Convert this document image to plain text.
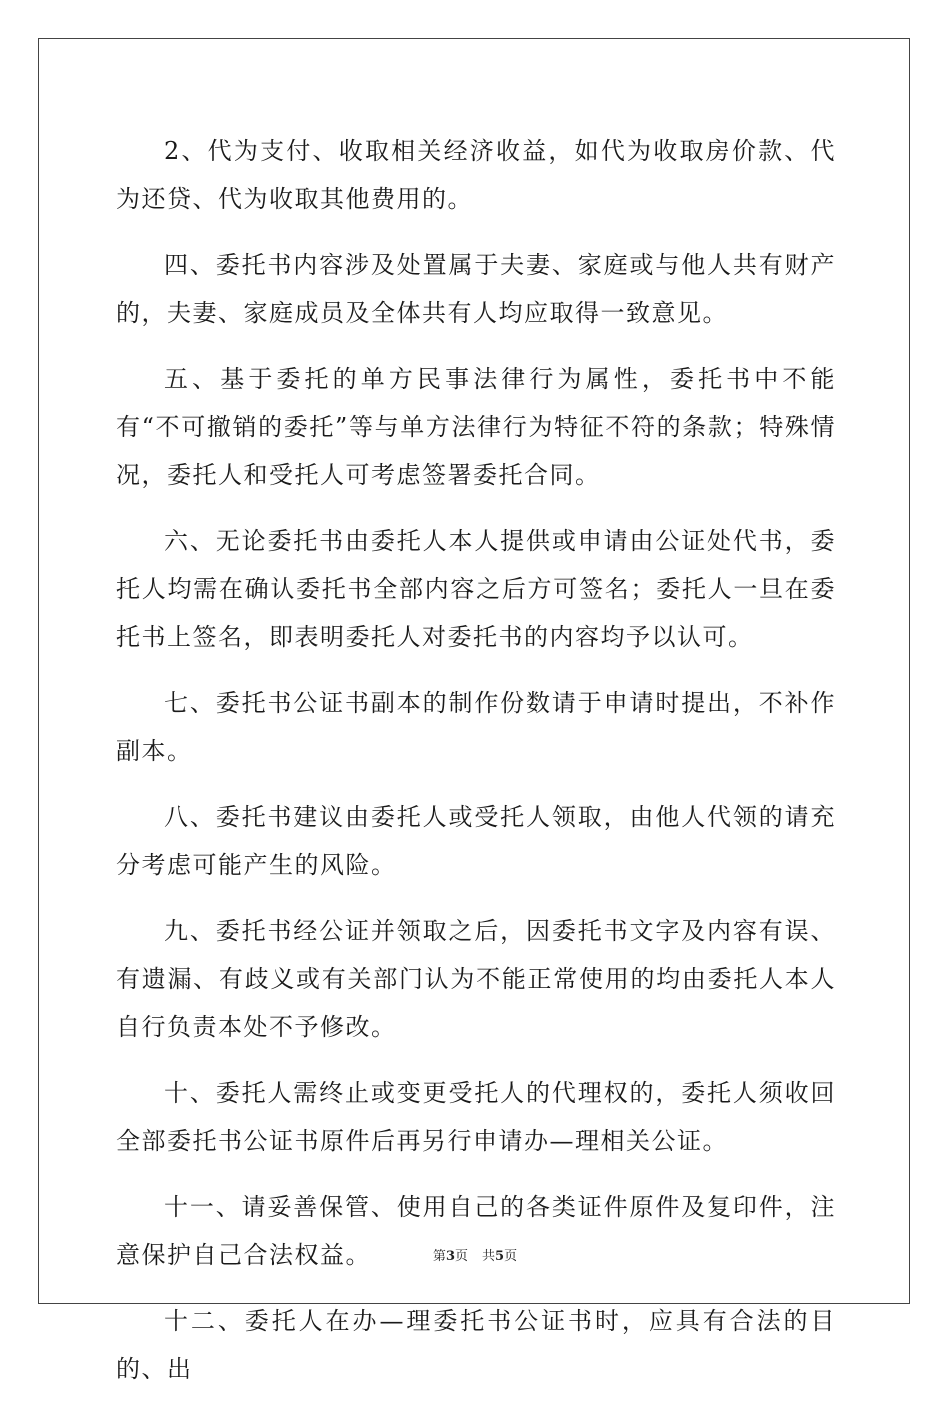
2、代为支付、收取相关经济收益，如代为收取房价款、代为还贷、代为收取其他费用的。

四、委托书内容涉及处置属于夫妻、家庭或与他人共有财产的，夫妻、家庭成员及全体共有人均应取得一致意见。

五、基于委托的单方民事法律行为属性，委托书中不能有“不可撤销的委托”等与单方法律行为特征不符的条款；特殊情况，委托人和受托人可考虑签署委托合同。

六、无论委托书由委托人本人提供或申请由公证处代书，委托人均需在确认委托书全部内容之后方可签名；委托人一旦在委托书上签名，即表明委托人对委托书的内容均予以认可。

七、委托书公证书副本的制作份数请于申请时提出，不补作副本。

八、委托书建议由委托人或受托人领取，由他人代领的请充分考虑可能产生的风险。

九、委托书经公证并领取之后，因委托书文字及内容有误、有遗漏、有歧义或有关部门认为不能正常使用的均由委托人本人自行负责本处不予修改。

十、委托人需终止或变更受托人的代理权的，委托人须收回全部委托书公证书原件后再另行申请办—理相关公证。

十一、请妥善保管、使用自己的各类证件原件及复印件，注意保护自己合法权益。

十二、委托人在办—理委托书公证书时，应具有合法的目的、出

第3页 共5页
